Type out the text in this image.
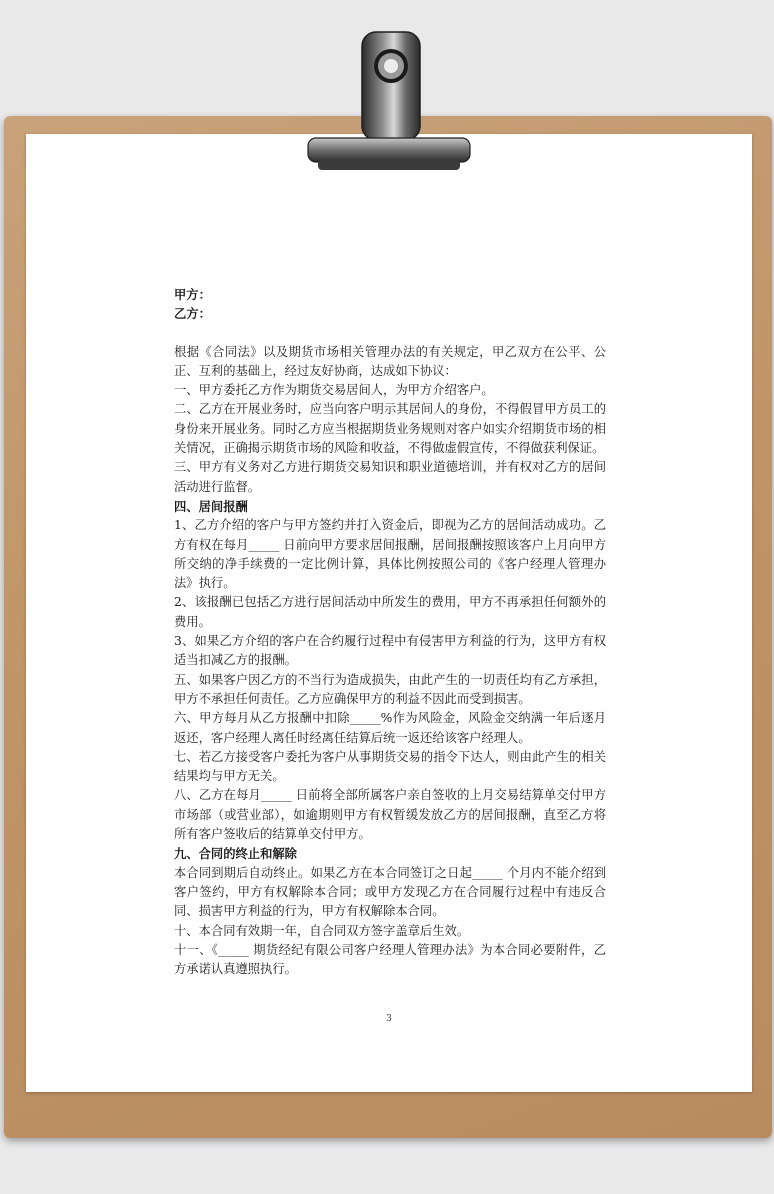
甲方：

乙方：

根据《合同法》以及期货市场相关管理办法的有关规定，甲乙双方在公平、公正、互利的基础上，经过友好协商，达成如下协议：

一、甲方委托乙方作为期货交易居间人，为甲方介绍客户。

二、乙方在开展业务时，应当向客户明示其居间人的身份，不得假冒甲方员工的身份来开展业务。同时乙方应当根据期货业务规则对客户如实介绍期货市场的相关情况，正确揭示期货市场的风险和收益，不得做虚假宣传，不得做获利保证。

三、甲方有义务对乙方进行期货交易知识和职业道德培训，并有权对乙方的居间活动进行监督。

四、居间报酬

1、乙方介绍的客户与甲方签约并打入资金后，即视为乙方的居间活动成功。乙方有权在每月_____ 日前向甲方要求居间报酬，居间报酬按照该客户上月向甲方所交纳的净手续费的一定比例计算，具体比例按照公司的《客户经理人管理办法》执行。

2、该报酬已包括乙方进行居间活动中所发生的费用，甲方不再承担任何额外的费用。

3、如果乙方介绍的客户在合约履行过程中有侵害甲方利益的行为，这甲方有权适当扣减乙方的报酬。

五、如果客户因乙方的不当行为造成损失，由此产生的一切责任均有乙方承担，甲方不承担任何责任。乙方应确保甲方的利益不因此而受到损害。

六、甲方每月从乙方报酬中扣除_____%作为风险金，风险金交纳满一年后逐月返还，客户经理人离任时经离任结算后统一返还给该客户经理人。

七、若乙方接受客户委托为客户从事期货交易的指令下达人，则由此产生的相关结果均与甲方无关。

八、乙方在每月_____ 日前将全部所属客户亲自签收的上月交易结算单交付甲方市场部（或营业部），如逾期则甲方有权暂缓发放乙方的居间报酬，直至乙方将所有客户签收后的结算单交付甲方。

九、合同的终止和解除

本合同到期后自动终止。如果乙方在本合同签订之日起_____ 个月内不能介绍到客户签约，甲方有权解除本合同；或甲方发现乙方在合同履行过程中有违反合同、损害甲方利益的行为，甲方有权解除本合同。

十、本合同有效期一年，自合同双方签字盖章后生效。

十一、《_____ 期货经纪有限公司客户经理人管理办法》为本合同必要附件，乙方承诺认真遵照执行。

3
